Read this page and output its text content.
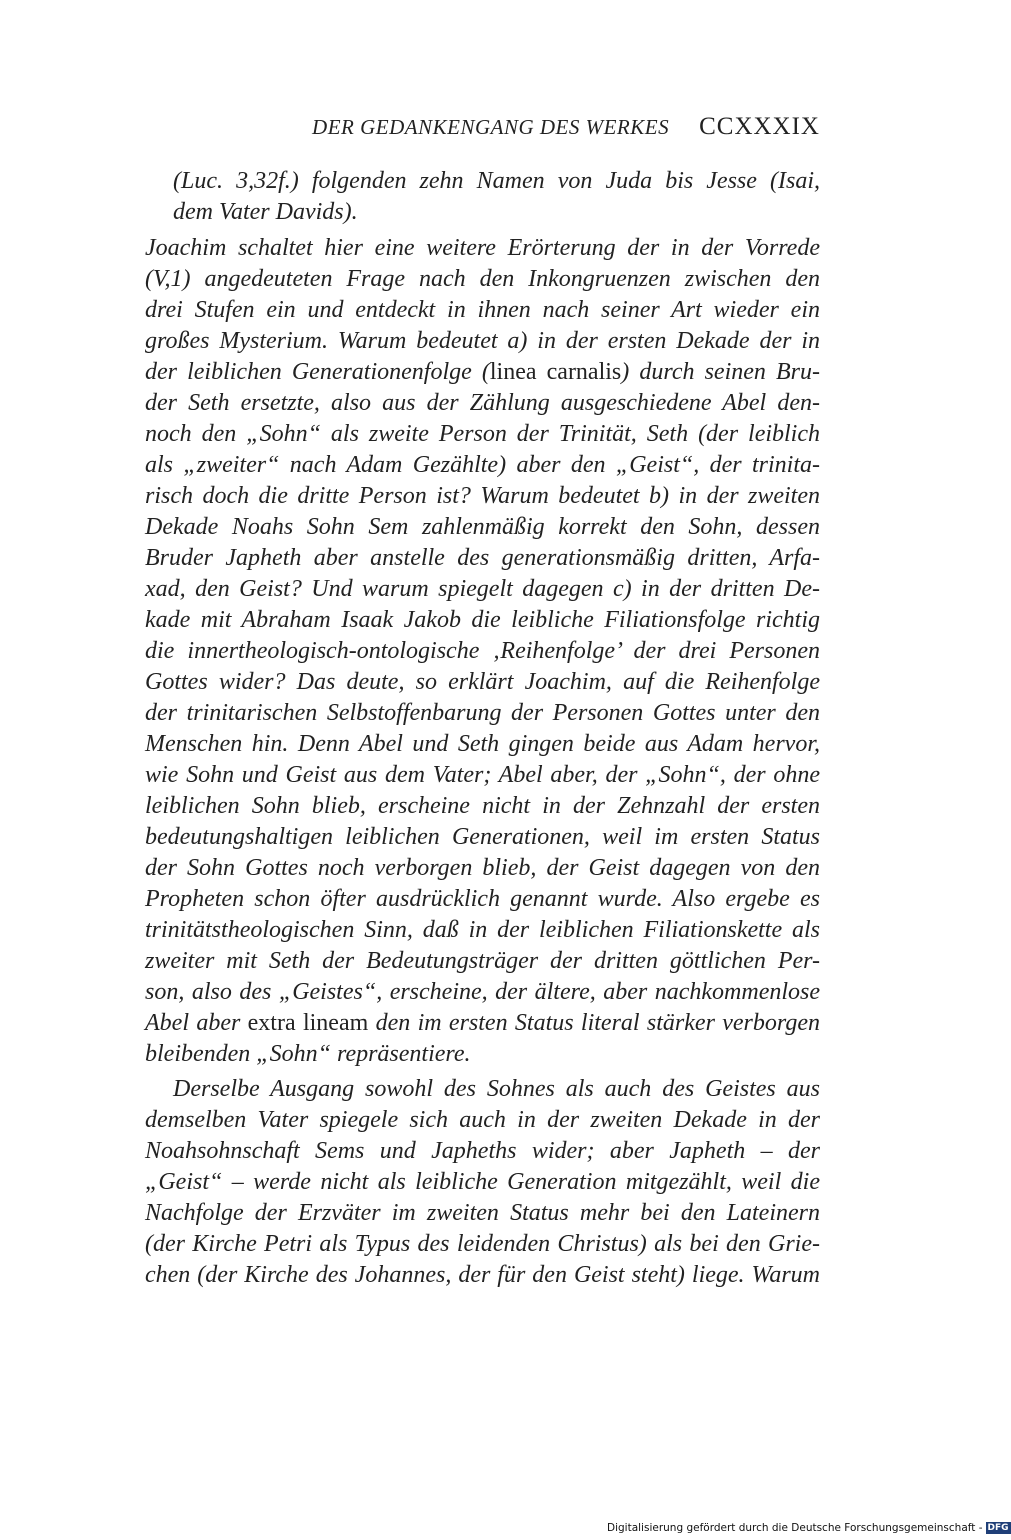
DER GEDANKENGANG DES WERKES CCXXXIX
(Luc. 3,32f.) folgenden zehn Namen von Juda bis Jesse (Isai,
dem Vater Davids).
Joachim schaltet hier eine weitere Erörterung der in der Vorrede
(V,1) angedeuteten Frage nach den Inkongruenzen zwischen den
drei Stufen ein und entdeckt in ihnen nach seiner Art wieder ein
großes Mysterium. Warum bedeutet a) in der ersten Dekade der in
der leiblichen Generationenfolge (linea carnalis) durch seinen Bru-
der Seth ersetzte, also aus der Zählung ausgeschiedene Abel den-
noch den „Sohn“ als zweite Person der Trinität, Seth (der leiblich
als „zweiter“ nach Adam Gezählte) aber den „Geist“, der trinita-
risch doch die dritte Person ist? Warum bedeutet b) in der zweiten
Dekade Noahs Sohn Sem zahlenmäßig korrekt den Sohn, dessen
Bruder Japheth aber anstelle des generationsmäßig dritten, Arfa-
xad, den Geist? Und warum spiegelt dagegen c) in der dritten De-
kade mit Abraham Isaak Jakob die leibliche Filiationsfolge richtig
die innertheologisch-ontologische ‚Reihenfolge’ der drei Personen
Gottes wider? Das deute, so erklärt Joachim, auf die Reihenfolge
der trinitarischen Selbstoffenbarung der Personen Gottes unter den
Menschen hin. Denn Abel und Seth gingen beide aus Adam hervor,
wie Sohn und Geist aus dem Vater; Abel aber, der „Sohn“, der ohne
leiblichen Sohn blieb, erscheine nicht in der Zehnzahl der ersten
bedeutungshaltigen leiblichen Generationen, weil im ersten Status
der Sohn Gottes noch verborgen blieb, der Geist dagegen von den
Propheten schon öfter ausdrücklich genannt wurde. Also ergebe es
trinitätstheologischen Sinn, daß in der leiblichen Filiationskette als
zweiter mit Seth der Bedeutungsträger der dritten göttlichen Per-
son, also des „Geistes“, erscheine, der ältere, aber nachkommenlose
Abel aber extra lineam den im ersten Status literal stärker verborgen
bleibenden „Sohn“ repräsentiere.
Derselbe Ausgang sowohl des Sohnes als auch des Geistes aus
demselben Vater spiegele sich auch in der zweiten Dekade in der
Noahsohnschaft Sems und Japheths wider; aber Japheth – der
„Geist“ – werde nicht als leibliche Generation mitgezählt, weil die
Nachfolge der Erzväter im zweiten Status mehr bei den Lateinern
(der Kirche Petri als Typus des leidenden Christus) als bei den Grie-
chen (der Kirche des Johannes, der für den Geist steht) liege. Warum
Digitalisierung gefördert durch die Deutsche Forschungsgemeinschaft - DFG
